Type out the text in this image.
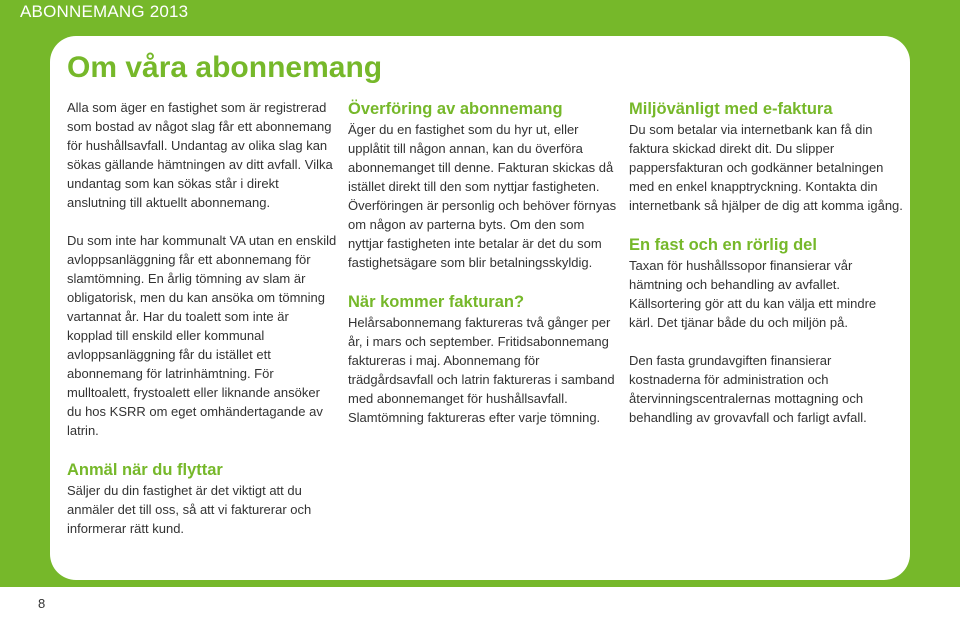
ABONNEMANG 2013
Om våra abonnemang

Alla som äger en fastighet som är registrerad som bostad av något slag får ett abonnemang för hushållsavfall. Undantag av olika slag kan sökas gällande hämtningen av ditt avfall. Vilka undantag som kan sökas står i direkt anslutning till aktuellt abonnemang.

Du som inte har kommunalt VA utan en enskild avloppsanläggning får ett abonnemang för slamtömning. En årlig tömning av slam är obligatorisk, men du kan ansöka om tömning vartannat år. Har du toalett som inte är kopplad till enskild eller kommunal avloppsanläggning får du istället ett abonnemang för latrinhämtning. För mulltoalett, frystoalett eller liknande ansöker du hos KSRR om eget omhändertagande av latrin.

Anmäl när du flyttar

Säljer du din fastighet är det viktigt att du anmäler det till oss, så att vi fakturerar och informerar rätt kund.

Överföring av abonnemang

Äger du en fastighet som du hyr ut, eller upplåtit till någon annan, kan du överföra abonnemanget till denne. Fakturan skickas då istället direkt till den som nyttjar fastigheten. Överföringen är personlig och behöver förnyas om någon av parterna byts. Om den som nyttjar fastigheten inte betalar är det du som fastighetsägare som blir betalningsskyldig.

När kommer fakturan?

Helårsabonnemang faktureras två gånger per år, i mars och september. Fritidsabonnemang faktureras i maj. Abonnemang för trädgårdsavfall och latrin faktureras i samband med abonnemanget för hushållsavfall. Slamtömning faktureras efter varje tömning.

Miljövänligt med e-faktura

Du som betalar via internetbank kan få din faktura skickad direkt dit. Du slipper pappersfakturan och godkänner betalningen med en enkel knapptryckning. Kontakta din internetbank så hjälper de dig att komma igång.

En fast och en rörlig del

Taxan för hushållssopor finansierar vår hämtning och behandling av avfallet. Källsortering gör att du kan välja ett mindre kärl. Det tjänar både du och miljön på.

Den fasta grundavgiften finansierar kostnaderna för administration och återvinningscentralernas mottagning och behandling av grovavfall och farligt avfall.

8
